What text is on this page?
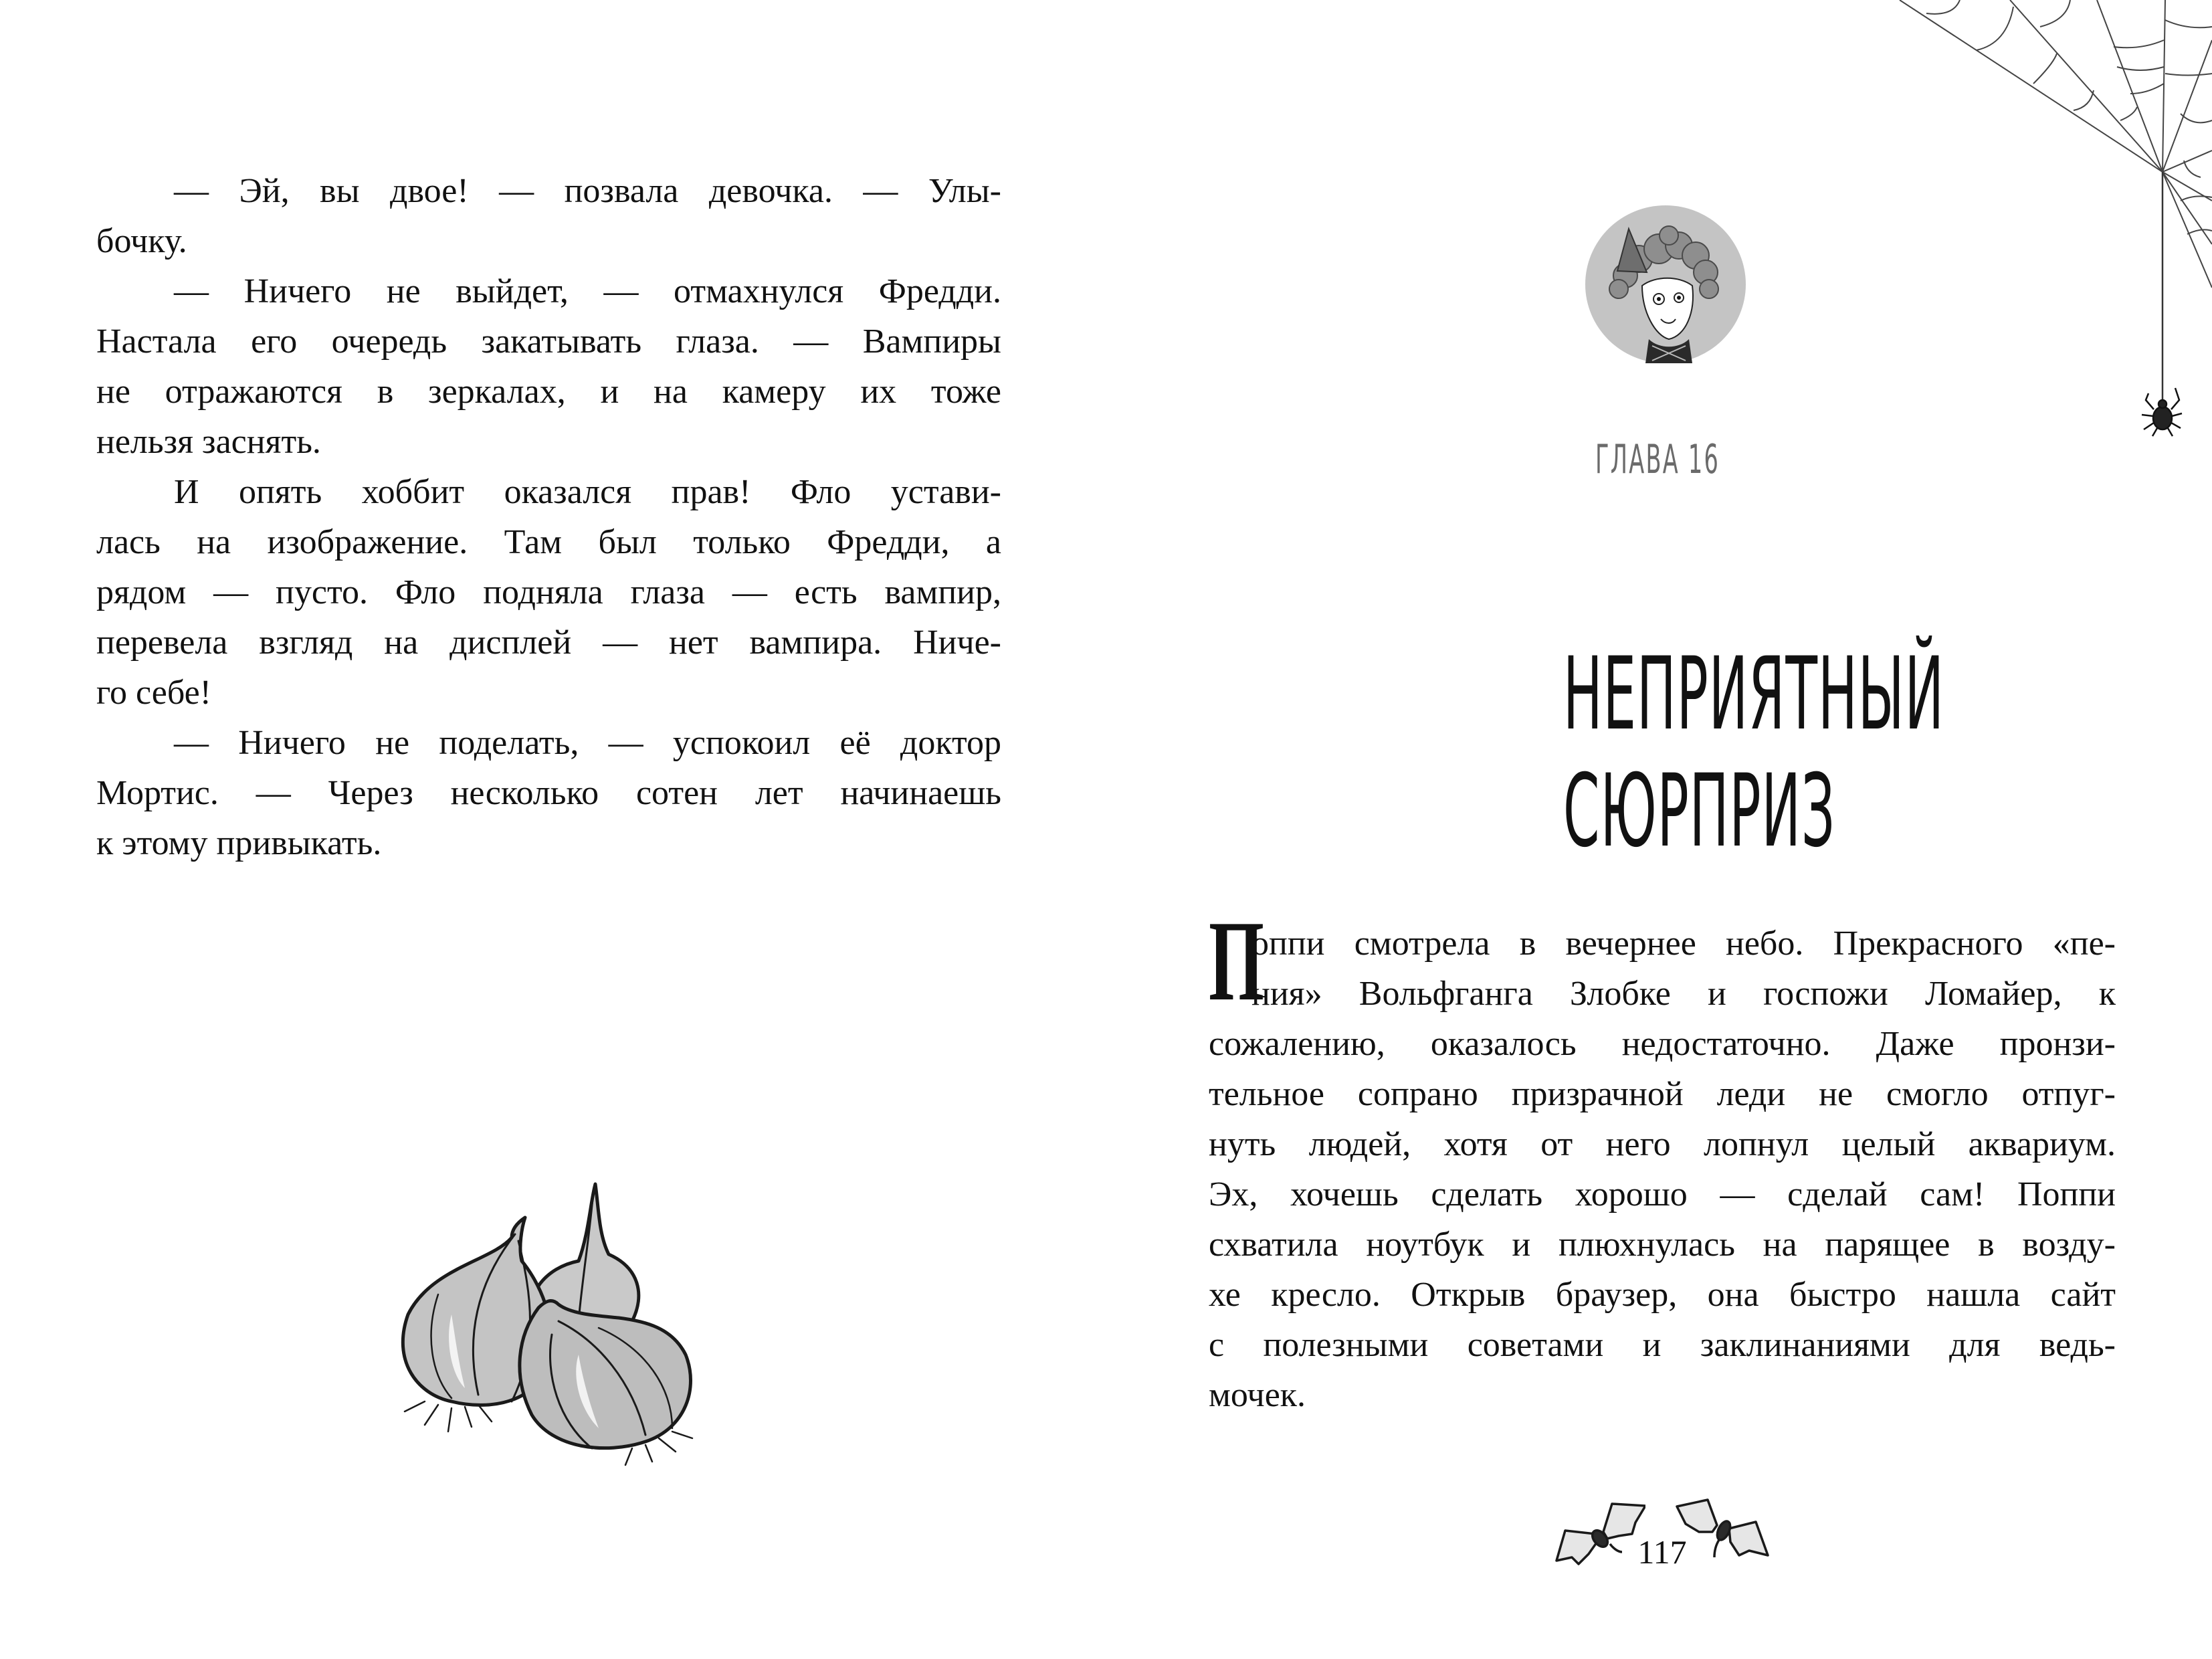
— Эй, вы двое! — позвала девочка. — Улы-
бочку.
— Ничего не выйдет, — отмахнулся Фредди.
Настала его очередь закатывать глаза. — Вампиры
не отражаются в зеркалах, и на камеру их тоже
нельзя заснять.
И опять хоббит оказался прав! Фло устави-
лась на изображение. Там был только Фредди, а
рядом — пусто. Фло подняла глаза — есть вампир,
перевела взгляд на дисплей — нет вампира. Ниче-
го себе!
— Ничего не поделать, — успокоил её доктор
Мортис. — Через несколько сотен лет начинаешь
к этому привыкать.
ГЛАВА 16
НЕПРИЯТНЫЙ
СЮРПРИЗ
П
оппи смотрела в вечернее небо. Прекрасного «пе-
ния» Вольфганга Злобке и госпожи Ломайер, к
сожалению, оказалось недостаточно. Даже пронзи-
тельное сопрано призрачной леди не смогло отпуг-
нуть людей, хотя от него лопнул целый аквариум.
Эх, хочешь сделать хорошо — сделай сам! Поппи
схватила ноутбук и плюхнулась на парящее в возду-
хе кресло. Открыв браузер, она быстро нашла сайт
с полезными советами и заклинаниями для ведь-
мочек.
117
